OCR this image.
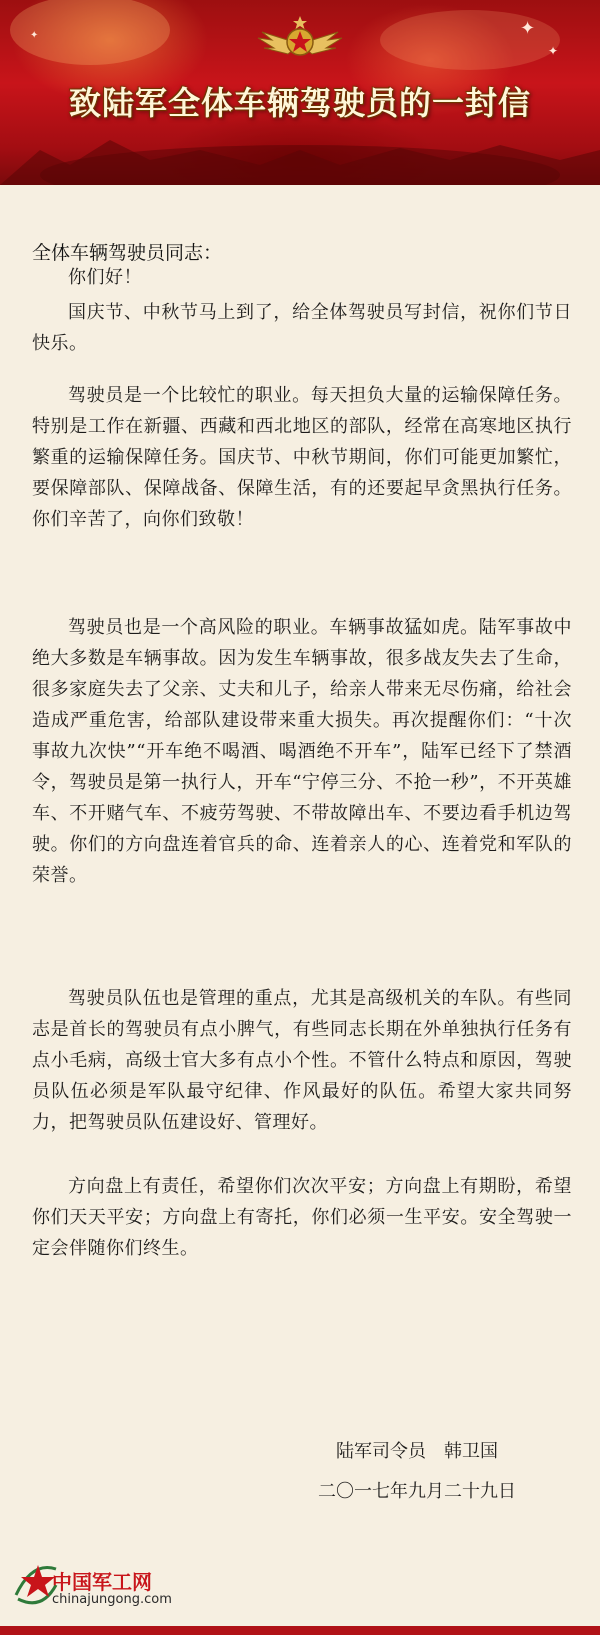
✦
✦
✦
致陆军全体车辆驾驶员的一封信
全体车辆驾驶员同志：

你们好！

国庆节、中秋节马上到了，给全体驾驶员写封信，祝你们节日快乐。

驾驶员是一个比较忙的职业。每天担负大量的运输保障任务。特别是工作在新疆、西藏和西北地区的部队，经常在高寒地区执行繁重的运输保障任务。国庆节、中秋节期间，你们可能更加繁忙，要保障部队、保障战备、保障生活，有的还要起早贪黑执行任务。你们辛苦了，向你们致敬！

驾驶员也是一个高风险的职业。车辆事故猛如虎。陆军事故中绝大多数是车辆事故。因为发生车辆事故，很多战友失去了生命，很多家庭失去了父亲、丈夫和儿子，给亲人带来无尽伤痛，给社会造成严重危害，给部队建设带来重大损失。再次提醒你们：“十次事故九次快”“开车绝不喝酒、喝酒绝不开车”，陆军已经下了禁酒令，驾驶员是第一执行人，开车“宁停三分、不抢一秒”，不开英雄车、不开赌气车、不疲劳驾驶、不带故障出车、不要边看手机边驾驶。你们的方向盘连着官兵的命、连着亲人的心、连着党和军队的荣誉。

驾驶员队伍也是管理的重点，尤其是高级机关的车队。有些同志是首长的驾驶员有点小脾气，有些同志长期在外单独执行任务有点小毛病，高级士官大多有点小个性。不管什么特点和原因，驾驶员队伍必须是军队最守纪律、作风最好的队伍。希望大家共同努力，把驾驶员队伍建设好、管理好。

方向盘上有责任，希望你们次次平安；方向盘上有期盼，希望你们天天平安；方向盘上有寄托，你们必须一生平安。安全驾驶一定会伴随你们终生。

陆军司令员　韩卫国
二〇一七年九月二十九日
中国军工网
chinajungong.com
